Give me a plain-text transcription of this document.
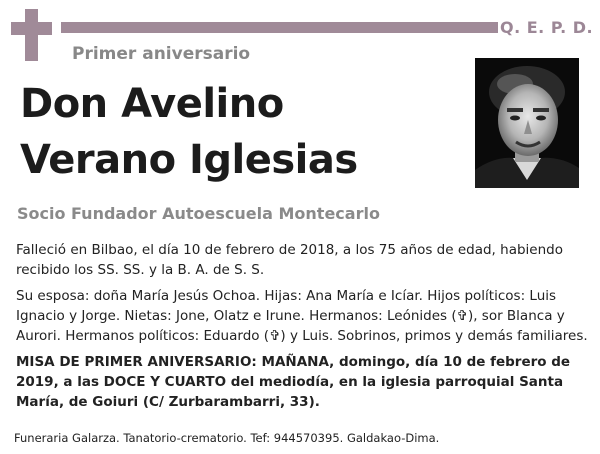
Q. E. P. D.
Primer aniversario
Don Avelino
Verano Iglesias
Socio Fundador Autoescuela Montecarlo

Falleció en Bilbao, el día 10 de febrero de 2018, a los 75 años de edad, habiendo recibido los SS. SS. y la B. A. de S. S.

Su esposa: doña María Jesús Ochoa. Hijas: Ana María e Icíar. Hijos políticos: Luis Ignacio y Jorge. Nietas: Jone, Olatz e Irune. Hermanos: Leónides (✞), sor Blanca y Aurori. Hermanos políticos: Eduardo (✞) y Luis. Sobrinos, primos y demás familiares.

MISA DE PRIMER ANIVERSARIO: MAÑANA, domingo, día 10 de febrero de 2019, a las DOCE Y CUARTO del mediodía, en la iglesia parroquial Santa María, de Goiuri (C/ Zurbarambarri, 33).

Funeraria Galarza. Tanatorio-crematorio. Tef: 944570395. Galdakao-Dima.
